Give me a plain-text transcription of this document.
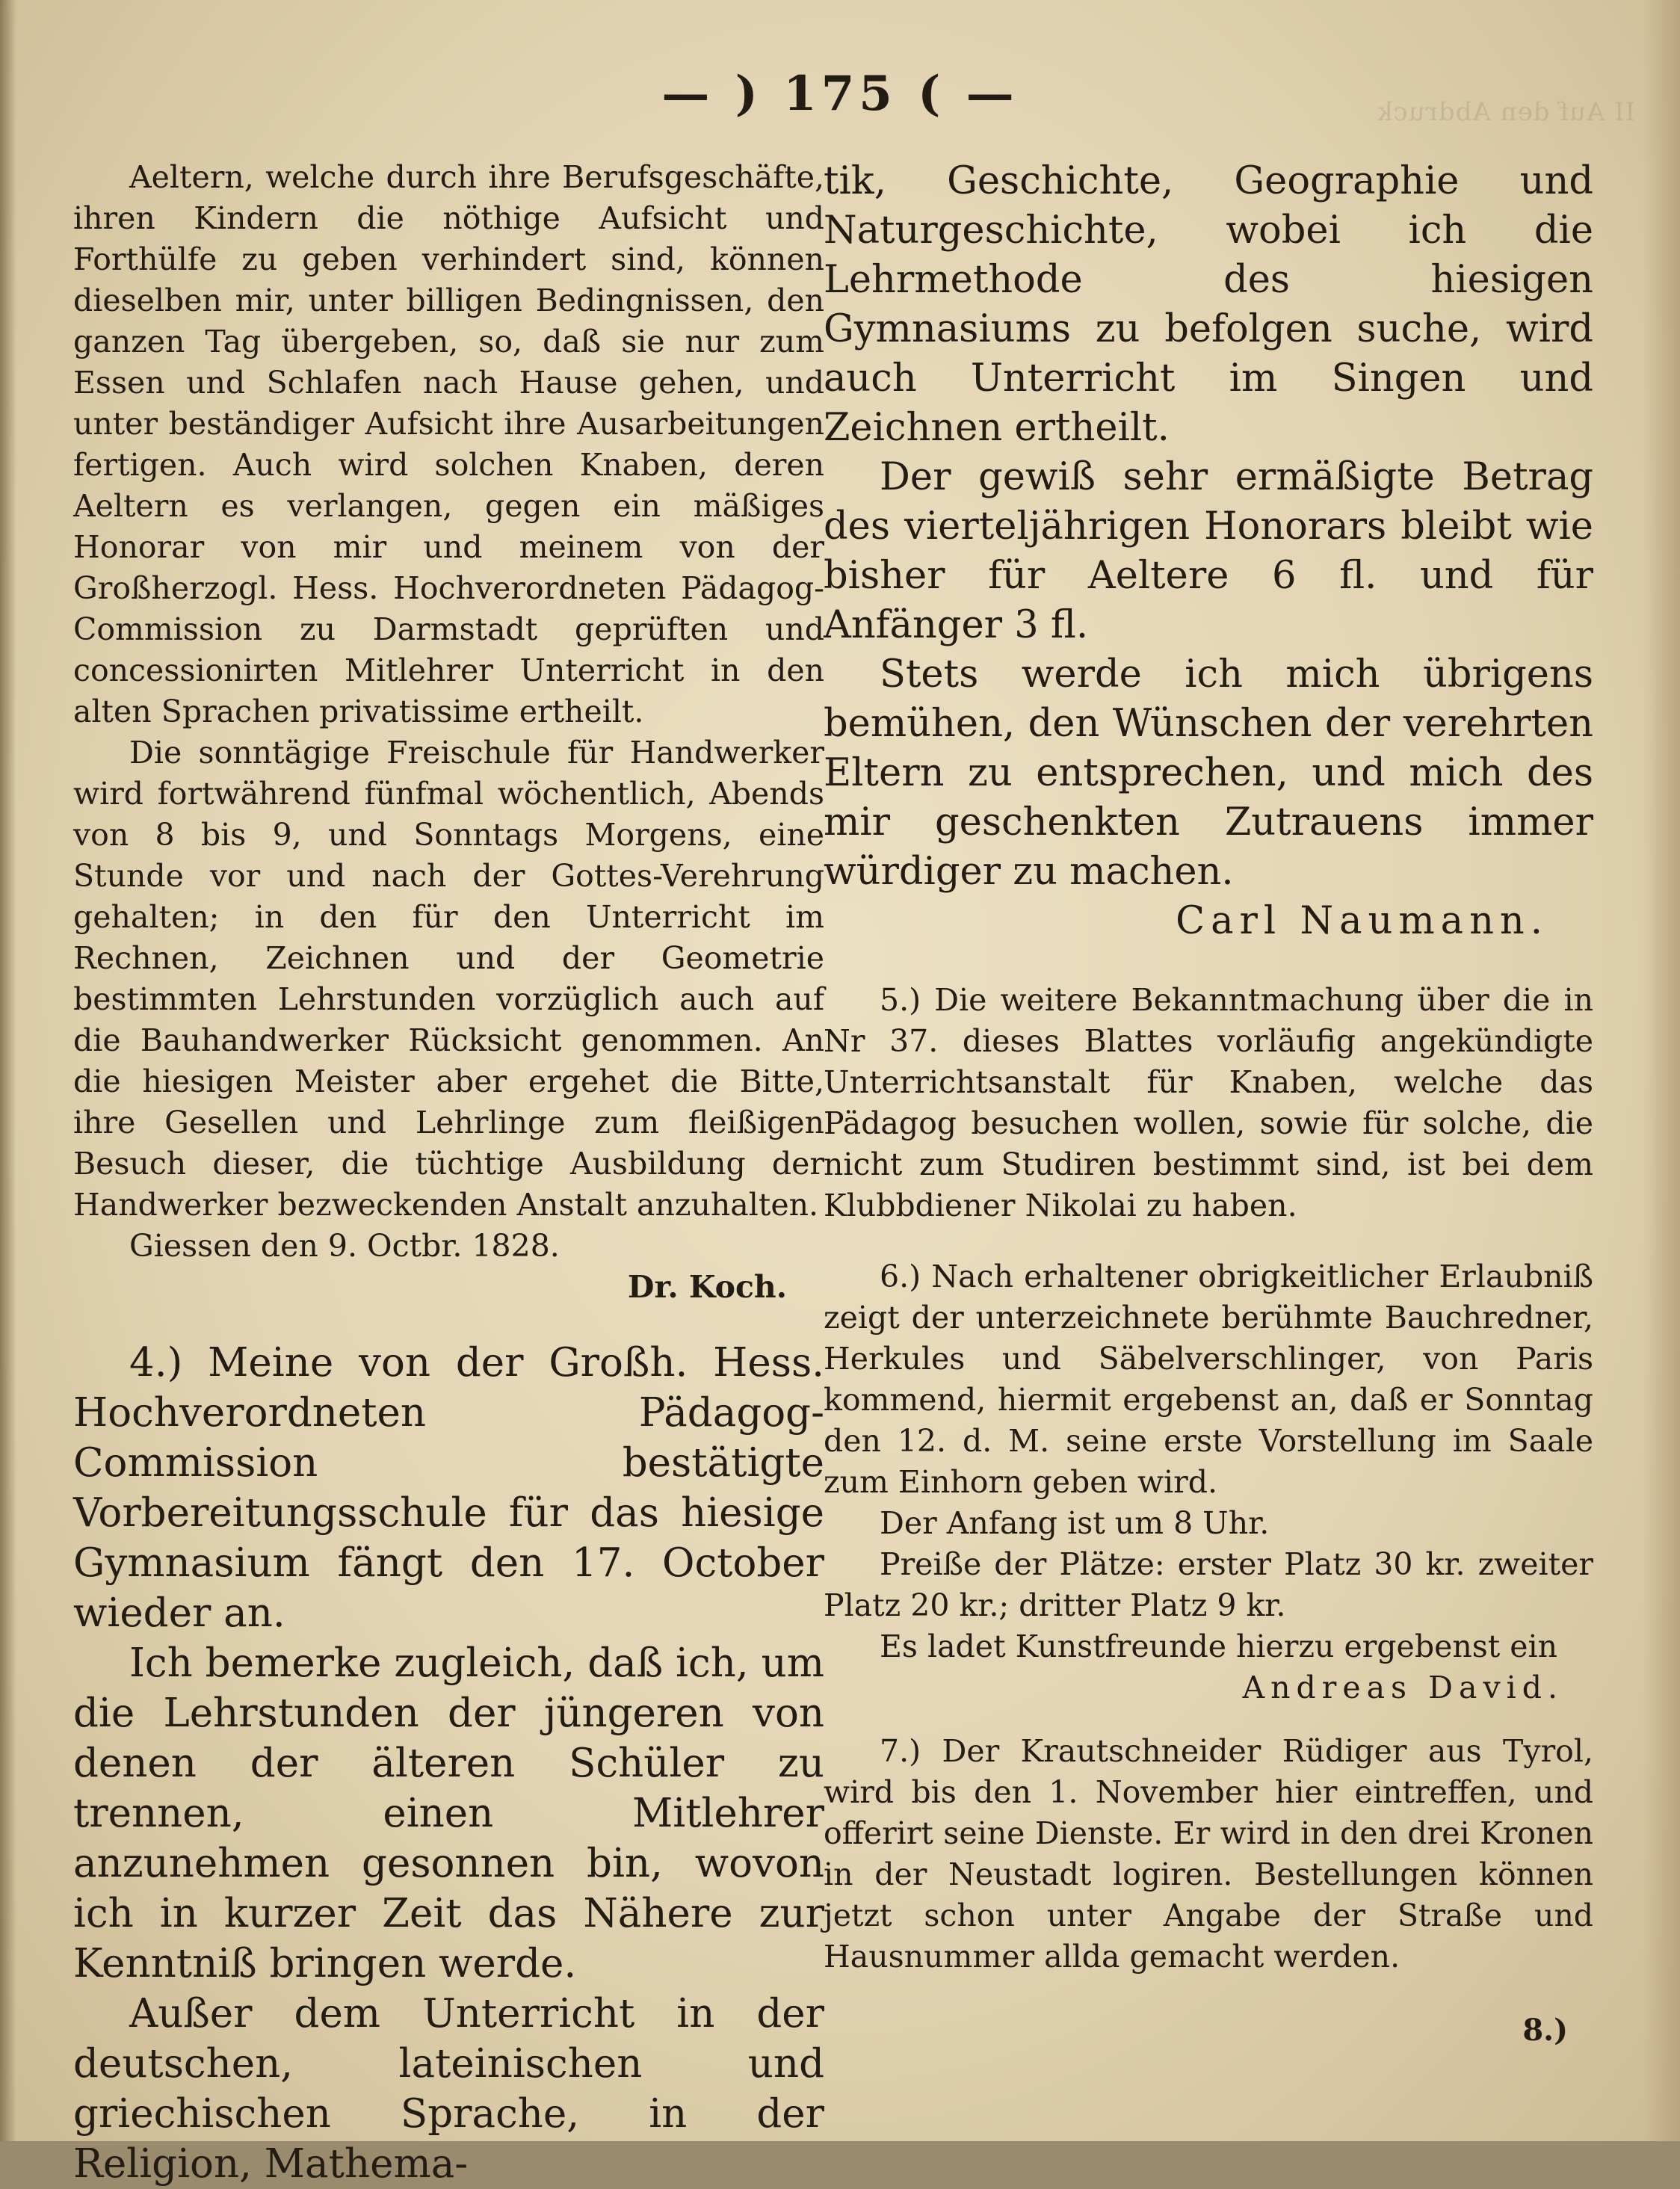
II Auf den Abdruck
— ) 175 ( —

Aeltern, welche durch ihre Berufsgeschäfte, ihren Kindern die nöthige Aufsicht und Forthülfe zu geben verhindert sind, können dieselben mir, unter billigen Bedingnissen, den ganzen Tag übergeben, so, daß sie nur zum Essen und Schlafen nach Hause gehen, und unter beständiger Aufsicht ihre Ausarbeitungen fertigen. Auch wird solchen Knaben, deren Aeltern es verlangen, gegen ein mäßiges Honorar von mir und meinem von der Großherzogl. Hess. Hochverordneten Pädagog-Commission zu Darmstadt geprüften und concessionirten Mitlehrer Unterricht in den alten Sprachen privatissime ertheilt.

Die sonntägige Freischule für Handwerker wird fortwährend fünfmal wöchentlich, Abends von 8 bis 9, und Sonntags Morgens, eine Stunde vor und nach der Gottes-Verehrung gehalten; in den für den Unterricht im Rechnen, Zeichnen und der Geometrie bestimmten Lehrstunden vorzüglich auch auf die Bauhandwerker Rücksicht genommen. An die hiesigen Meister aber ergehet die Bitte, ihre Gesellen und Lehrlinge zum fleißigen Besuch dieser, die tüchtige Ausbildung der Handwerker bezweckenden Anstalt anzuhalten.

Giessen den 9. Octbr. 1828.

Dr. Koch.

4.) Meine von der Großh. Hess. Hochverordneten Pädagog-Commission bestätigte Vorbereitungsschule für das hiesige Gymnasium fängt den 17. October wieder an.

Ich bemerke zugleich, daß ich, um die Lehrstunden der jüngeren von denen der älteren Schüler zu trennen, einen Mitlehrer anzunehmen gesonnen bin, wovon ich in kurzer Zeit das Nähere zur Kenntniß bringen werde.

Außer dem Unterricht in der deutschen, lateinischen und griechischen Sprache, in der Religion, Mathema-

tik, Geschichte, Geographie und Naturgeschichte, wobei ich die Lehrmethode des hiesigen Gymnasiums zu befolgen suche, wird auch Unterricht im Singen und Zeichnen ertheilt.

Der gewiß sehr ermäßigte Betrag des vierteljährigen Honorars bleibt wie bisher für Aeltere 6 fl. und für Anfänger 3 fl.

Stets werde ich mich übrigens bemühen, den Wünschen der verehrten Eltern zu entsprechen, und mich des mir geschenkten Zutrauens immer würdiger zu machen.

Carl Naumann.

5.) Die weitere Bekanntmachung über die in Nr 37. dieses Blattes vorläufig angekündigte Unterrichtsanstalt für Knaben, welche das Pädagog besuchen wollen, sowie für solche, die nicht zum Studiren bestimmt sind, ist bei dem Klubbdiener Nikolai zu haben.

6.) Nach erhaltener obrigkeitlicher Erlaubniß zeigt der unterzeichnete berühmte Bauchredner, Herkules und Säbelverschlinger, von Paris kommend, hiermit ergebenst an, daß er Sonntag den 12. d. M. seine erste Vorstellung im Saale zum Einhorn geben wird.

Der Anfang ist um 8 Uhr.

Preiße der Plätze: erster Platz 30 kr. zweiter Platz 20 kr.; dritter Platz 9 kr.

Es ladet Kunstfreunde hierzu ergebenst ein

Andreas David.

7.) Der Krautschneider Rüdiger aus Tyrol, wird bis den 1. November hier eintreffen, und offerirt seine Dienste. Er wird in den drei Kronen in der Neustadt logiren. Bestellungen können jetzt schon unter Angabe der Straße und Hausnummer allda gemacht werden.

8.)
